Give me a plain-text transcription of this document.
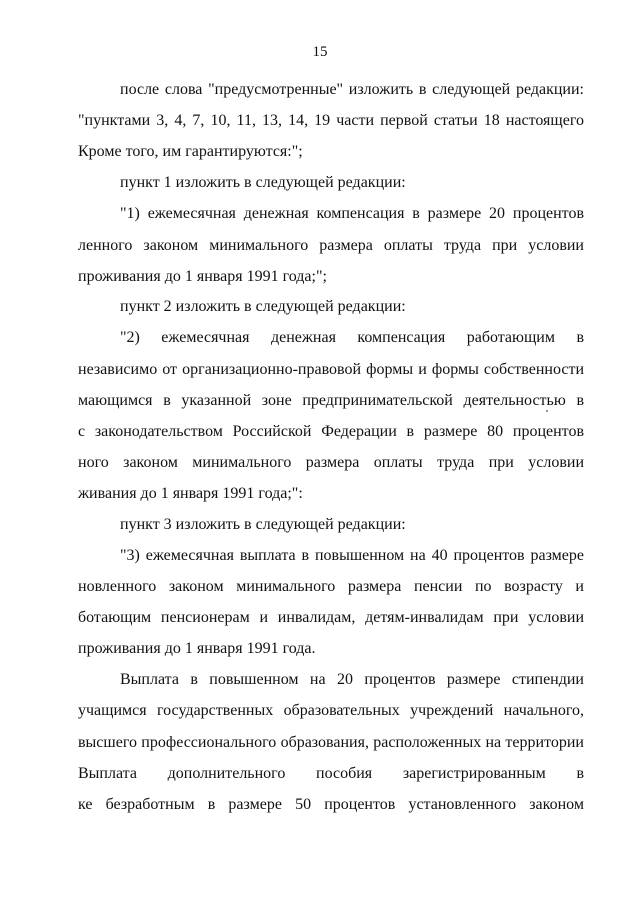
15
после слова "предусмотренные" изложить в следующей редакции:
"пунктами 3, 4, 7, 10, 11, 13, 14, 19 части первой статьи 18 настоящего
Кроме того, им гарантируются:";
пункт 1 изложить в следующей редакции:
"1) ежемесячная денежная компенсация в размере 20 процентов
ленного законом минимального размера оплаты труда при условии
проживания до 1 января 1991 года;";
пункт 2 изложить в следующей редакции:
"2) ежемесячная денежная компенсация работающим в
независимо от организационно-правовой формы и формы собственности
мающимся в указанной зоне предпринимательской деятельностью в
с законодательством Российской Федерации в размере 80 процентов
ного законом минимального размера оплаты труда при условии
живания до 1 января 1991 года;":
пункт 3 изложить в следующей редакции:
"3) ежемесячная выплата в повышенном на 40 процентов размере
новленного законом минимального размера пенсии по возрасту и
ботающим пенсионерам и инвалидам, детям-инвалидам при условии
проживания до 1 января 1991 года.
Выплата в повышенном на 20 процентов размере стипендии
учащимся государственных образовательных учреждений начального,
высшего профессионального образования, расположенных на территории
Выплата дополнительного пособия зарегистрированным в
ке безработным в размере 50 процентов установленного законом
